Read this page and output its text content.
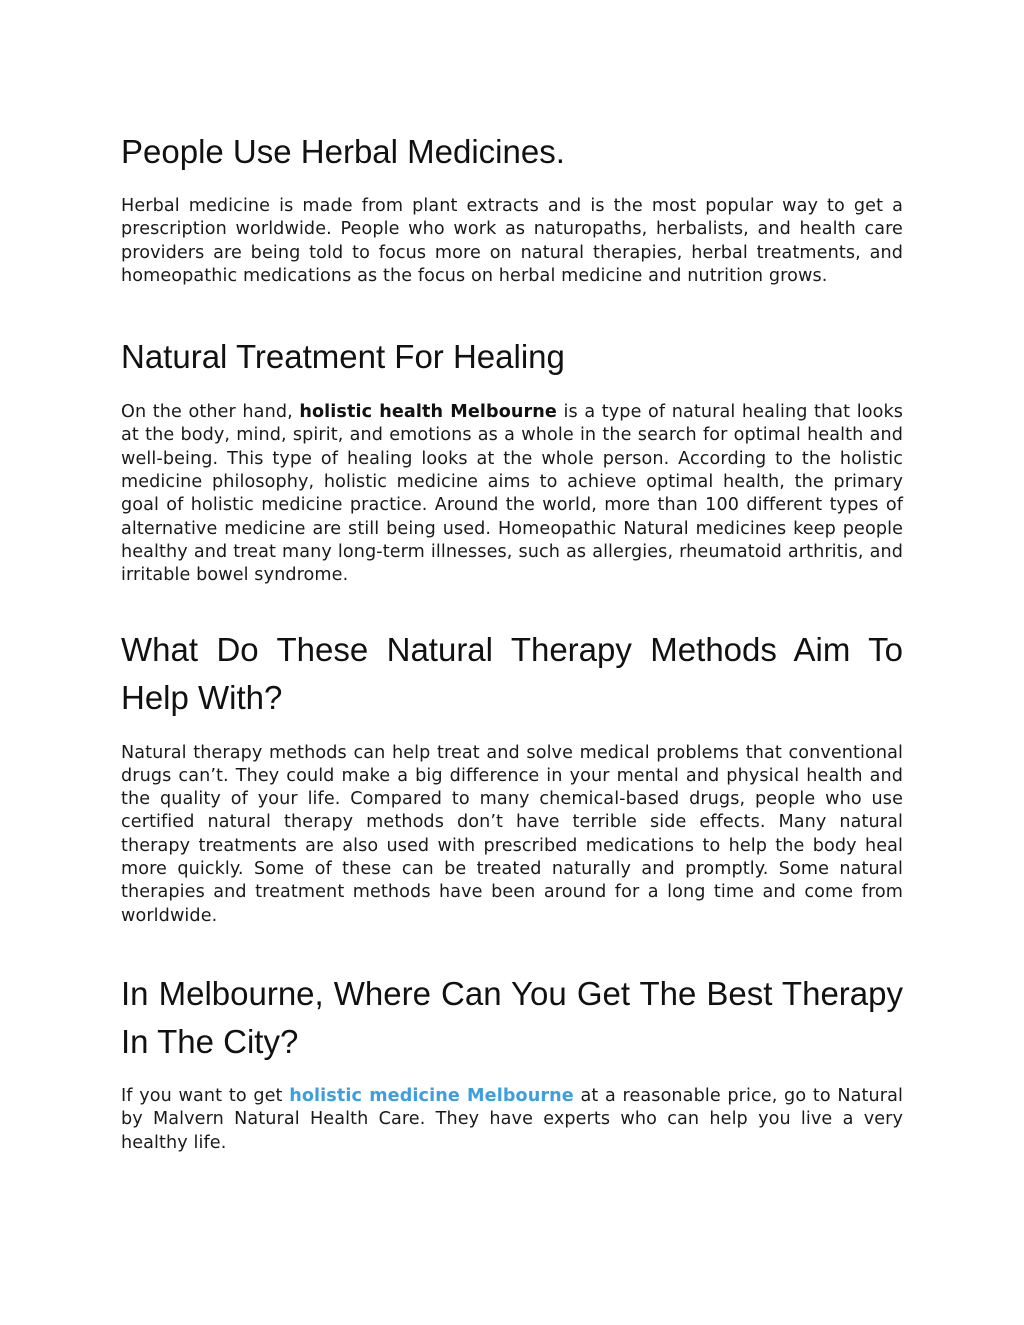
People Use Herbal Medicines.

Herbal medicine is made from plant extracts and is the most popular way to get a prescription worldwide. People who work as naturopaths, herbalists, and health care providers are being told to focus more on natural therapies, herbal treatments, and homeopathic medications as the focus on herbal medicine and nutrition grows.

Natural Treatment For Healing

On the other hand, holistic health Melbourne is a type of natural healing that looks at the body, mind, spirit, and emotions as a whole in the search for optimal health and well-being. This type of healing looks at the whole person. According to the holistic medicine philosophy, holistic medicine aims to achieve optimal health, the primary goal of holistic medicine practice. Around the world, more than 100 different types of alternative medicine are still being used. Homeopathic Natural medicines keep people healthy and treat many long-term illnesses, such as allergies, rheumatoid arthritis, and irritable bowel syndrome.

What Do These Natural Therapy Methods Aim To Help With?

Natural therapy methods can help treat and solve medical problems that conventional drugs can’t. They could make a big difference in your mental and physical health and the quality of your life. Compared to many chemical-based drugs, people who use certified natural therapy methods don’t have terrible side effects. Many natural therapy treatments are also used with prescribed medications to help the body heal more quickly. Some of these can be treated naturally and promptly. Some natural therapies and treatment methods have been around for a long time and come from worldwide.

In Melbourne, Where Can You Get The Best Therapy In The City?

If you want to get holistic medicine Melbourne at a reasonable price, go to Natural by Malvern Natural Health Care. They have experts who can help you live a very healthy life.
